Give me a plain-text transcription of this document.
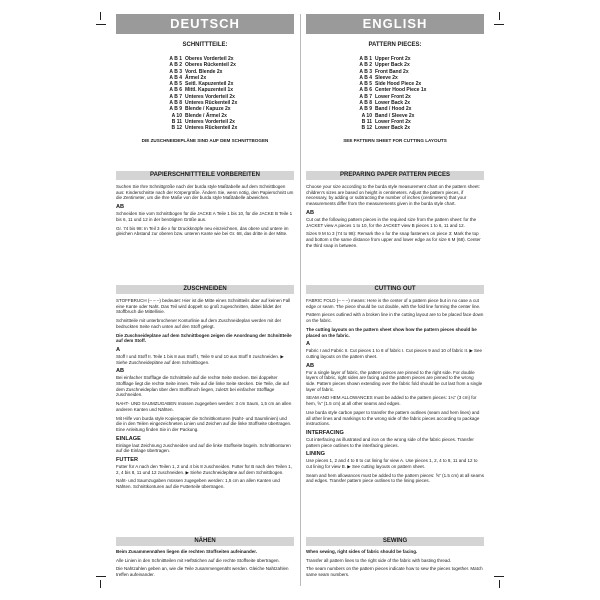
DEUTSCH
SCHNITTTEILE:
A B 1 Oberes Vorderteil 2x
A B 2 Oberes Rückenteil 2x
A B 3 Vord. Blende 2x
A B 4 Ärmel 2x
A B 5 Seitl. Kapuzenteil 2x
A B 6 Mittl. Kapuzenteil 1x
A B 7 Unteres Vorderteil 2x
A B 8 Unteres Rückenteil 2x
A B 9 Blende / Kapuze 2x
A 10 Blende / Ärmel 2x
B 11 Unteres Vorderteil 2x
B 12 Unteres Rückenteil 2x
DIE ZUSCHNEIDEPLÄNE SIND AUF DEM SCHNITTBOGEN
PAPIERSCHNITTTEILE VORBEREITEN

Suchen Sie Ihre Schnittgröße nach der burda style Maßtabelle auf dem Schnittbogen aus: Kinderschnitte nach der Körpergröße. Ändern Sie, wenn nötig, den Papierschnitt um die Zentimeter, um die Ihre Maße von der burda style Maßtabelle abweichen.

AB

Schneiden Sie vom Schnittbogen für die JACKE A Teile 1 bis 10, für die JACKE B Teile 1 bis 6, 11 und 12 in der benötigten Größe aus.

Gr. 74 bis 98: In Teil 3 die x für Druckknöpfe neu einzeichnen, das obere und untere im gleichen Abstand zur oberen bzw. unteren Kante wie bei Gr. 68, das dritte in der Mitte.

ZUSCHNEIDEN

STOFFBRUCH (– – –) bedeutet: Hier ist die Mitte eines Schnittteils aber auf keinen Fall eine Kante oder Naht. Das Teil wird doppelt so groß zugeschnitten, dabei bildet der Stoffbruch die Mittellinie.

Schnittteile mit unterbrochener Konturlinie auf dem Zuschneideplan werden mit der bedruckten Seite nach unten auf den Stoff gelegt.

Die Zuschneidepläne auf dem Schnittbogen zeigen die Anordnung der Schnittteile auf dem Stoff.

A

Stoff I und Stoff II. Teile 1 bis 8 aus Stoff I, Teile 9 und 10 aus Stoff II zuschneiden. ▶ Siehe Zuschneidepläne auf dem Schnittbogen.

AB

Bei einfacher Stofflage die Schnittteile auf die rechte Seite stecken. Bei doppelter Stofflage liegt die rechte Seite innen. Teile auf die linke Seite stecken. Die Teile, die auf dem Zuschneideplan über dem Stoffbruch liegen, zuletzt bei einfacher Stofflage zuschneiden.

NAHT- UND SAUMZUGABEN müssen zugegeben werden: 3 cm Saum, 1,5 cm an allen anderen Kanten und Nähten.

Mit Hilfe von burda style Kopierpapier die Schnittkonturen (Naht- und Saumlinien) und die in den Teilen eingezeichneten Linien und Zeichen auf die linke Stoffseite übertragen. Eine Anleitung finden Sie in der Packung.

EINLAGE

Einlage laut Zeichnung zuschneiden und auf die linke Stoffseite bügeln. Schnittkonturen auf die Einlage übertragen.

FUTTER

Futter für A nach den Teilen 1, 2 und 4 bis 8 zuschneiden. Futter für B nach den Teilen 1, 2, 4 bis 8, 11 und 12 zuschneiden. ▶ Siehe Zuschneidepläne auf dem Schnittbogen.

Naht- und Saumzugaben müssen zugegeben werden: 1,5 cm an allen Kanten und Nähten. Schnittkonturen auf die Futterteile übertragen.

NÄHEN

Beim Zusammennähen liegen die rechten Stoffseiten aufeinander.

Alle Linien in den Schnittteilen mit Heftstichen auf die rechte Stoffseite übertragen.

Die Nahtzahlen geben an, wie die Teile zusammengenäht werden. Gleiche Nahtzahlen treffen aufeinander.

ENGLISH
PATTERN PIECES:
A B 1 Upper Front 2x
A B 2 Upper Back 2x
A B 3 Front Band 2x
A B 4 Sleeve 2x
A B 5 Side Hood Piece 2x
A B 6 Center Hood Piece 1x
A B 7 Lower Front 2x
A B 8 Lower Back 2x
A B 9 Band / Hood 2x
A 10 Band / Sleeve 2x
B 11 Lower Front 2x
B 12 Lower Back 2x
SEE PATTERN SHEET FOR CUTTING LAYOUTS
PREPARING PAPER PATTERN PIECES

Choose your size according to the burda style measurement chart on the pattern sheet: children's sizes are based on height in centimeters. Adjust the pattern pieces, if necessary, by adding or subtracting the number of inches (centimeters) that your measurements differ from the measurements given in the burda style chart.

AB

Cut out the following pattern pieces in the required size from the pattern sheet: for the JACKET view A pieces 1 to 10, for the JACKET view B pieces 1 to 6, 11 and 12.

Sizes 9 M to 3 (74 to 98): Remark the x for the snap fasteners on piece 3: Mark the top and bottom x the same distance from upper and lower edge as for size 6 M (68). Center the third snap in between.

CUTTING OUT

FABRIC FOLD (– – –) means: Here is the center of a pattern piece but in no case a cut edge or seam. The piece should be cut double, with the fold line forming the center line.

Pattern pieces outlined with a broken line in the cutting layout are to be placed face down on the fabric.

The cutting layouts on the pattern sheet show how the pattern pieces should be placed on the fabric.

A

Fabric I and Fabric II. Cut pieces 1 to 8 of fabric I. Cut pieces 9 and 10 of fabric II. ▶ See cutting layouts on the pattern sheet.

AB

For a single layer of fabric, the pattern pieces are pinned to the right side. For double layers of fabric, right sides are facing and the pattern pieces are pinned to the wrong side. Pattern pieces shown extending over the fabric fold should be cut last from a single layer of fabric.

SEAM AND HEM ALLOWANCES must be added to the pattern pieces: 1¼" (3 cm) for hem, ⅝" (1.5 cm) at all other seams and edges.

Use burda style carbon paper to transfer the pattern outlines (seam and hem lines) and all other lines and markings to the wrong side of the fabric pieces according to package instructions.

INTERFACING

Cut interfacing as illustrated and iron on the wrong side of the fabric pieces. Transfer pattern piece outlines to the interfacing pieces.

LINING

Use pieces 1, 2 and 4 to 8 to cut lining for view A. Use pieces 1, 2, 4 to 8, 11 and 12 to cut lining for view B. ▶ See cutting layouts on pattern sheet.

Seam and hem allowances must be added to the pattern pieces: ⅝" (1.5 cm) at all seams and edges. Transfer pattern piece outlines to the lining pieces.

SEWING

When sewing, right sides of fabric should be facing.

Transfer all pattern lines to the right side of the fabric with basting thread.

The seam numbers on the pattern pieces indicate how to sew the pieces together. Match same seam numbers.
